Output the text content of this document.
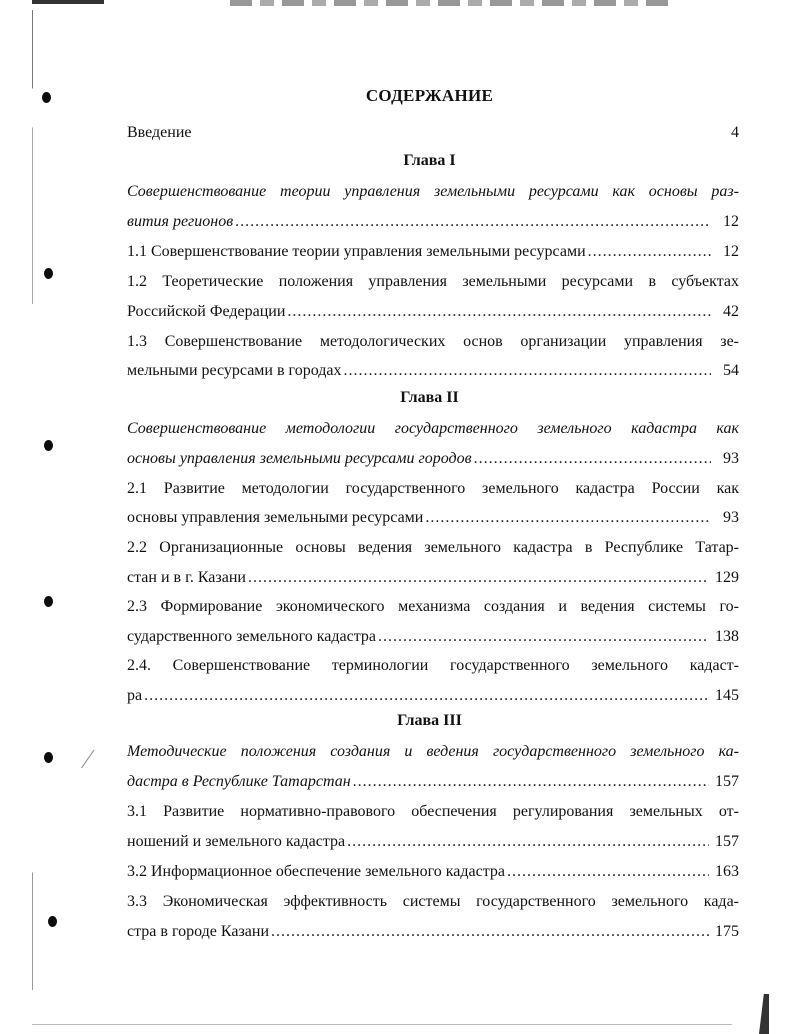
СОДЕРЖАНИЕ
Введение	4
Глава I
Совершенствование теории управления земельными ресурсами как основы раз-
вития регионов .....	12
1.1 Совершенствование теории управления земельными ресурсами .....	12
1.2 Теоретические положения управления земельными ресурсами в субъектах
Российской Федерации .....	42
1.3 Совершенствование методологических основ организации управления зе-
мельными ресурсами в городах .....	54
Глава II
Совершенствование методологии государственного земельного кадастра как
основы управления земельными ресурсами городов .....	93
2.1 Развитие методологии государственного земельного кадастра России как
основы управления земельными ресурсами .....	93
2.2 Организационные основы ведения земельного кадастра в Республике Татар-
стан и в г. Казани .....	129
2.3 Формирование экономического механизма создания и ведения системы го-
сударственного земельного кадастра .....	138
2.4. Совершенствование терминологии государственного земельного кадаст-
ра .....	145
Глава III
Методические положения создания и ведения государственного земельного ка-
дастра в Республике Татарстан .....	157
3.1 Развитие нормативно-правового обеспечения регулирования земельных от-
ношений и земельного кадастра .....	157
3.2 Информационное обеспечение земельного кадастра .....	163
3.3 Экономическая эффективность системы государственного земельного када-
стра в городе Казани .....	175
